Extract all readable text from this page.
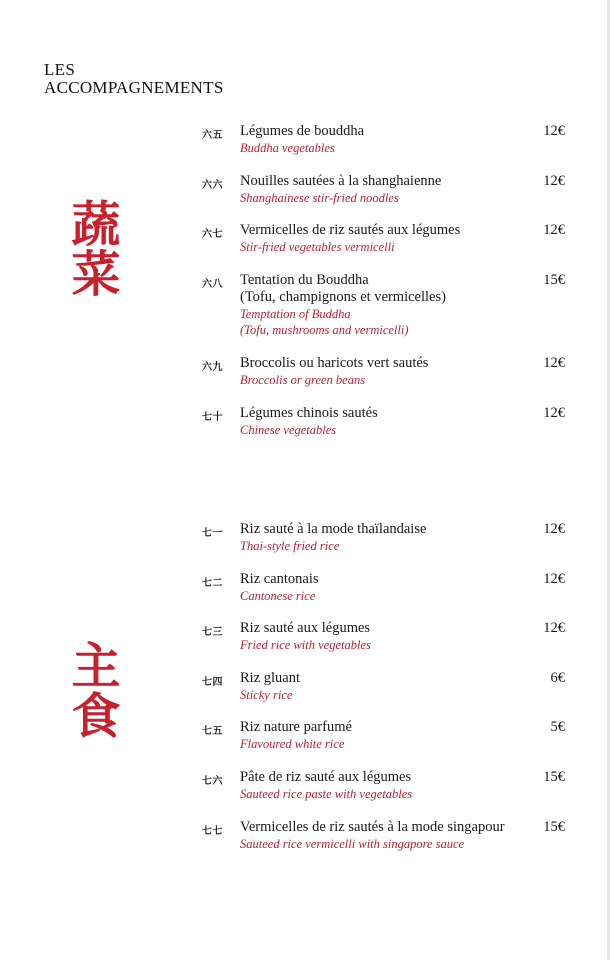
LES
ACCOMPAGNEMENTS
蔬
菜
主
食
六五 Légumes de bouddha
Buddha vegetables
12€
六六 Nouilles sautées à la shanghaienne
Shanghainese stir-fried noodles
12€
六七 Vermicelles de riz sautés aux légumes
Stir-fried vegetables vermicelli
12€
六八 Tentation du Bouddha
(Tofu, champignons et vermicelles)
Temptation of Buddha
(Tofu, mushrooms and vermicelli)
15€
六九 Broccolis ou haricots vert sautés
Broccolis or green beans
12€
七十 Légumes chinois sautés
Chinese vegetables
12€
七一 Riz sauté à la mode thaïlandaise
Thai-style fried rice
12€
七二 Riz cantonais
Cantonese rice
12€
七三 Riz sauté aux légumes
Fried rice with vegetables
12€
七四 Riz gluant
Sticky rice
6€
七五 Riz nature parfumé
Flavoured white rice
5€
七六 Pâte de riz sauté aux légumes
Sauteed rice paste with vegetables
15€
七七 Vermicelles de riz sautés à la mode singapour
Sauteed rice vermicelli with singapore sauce
15€
